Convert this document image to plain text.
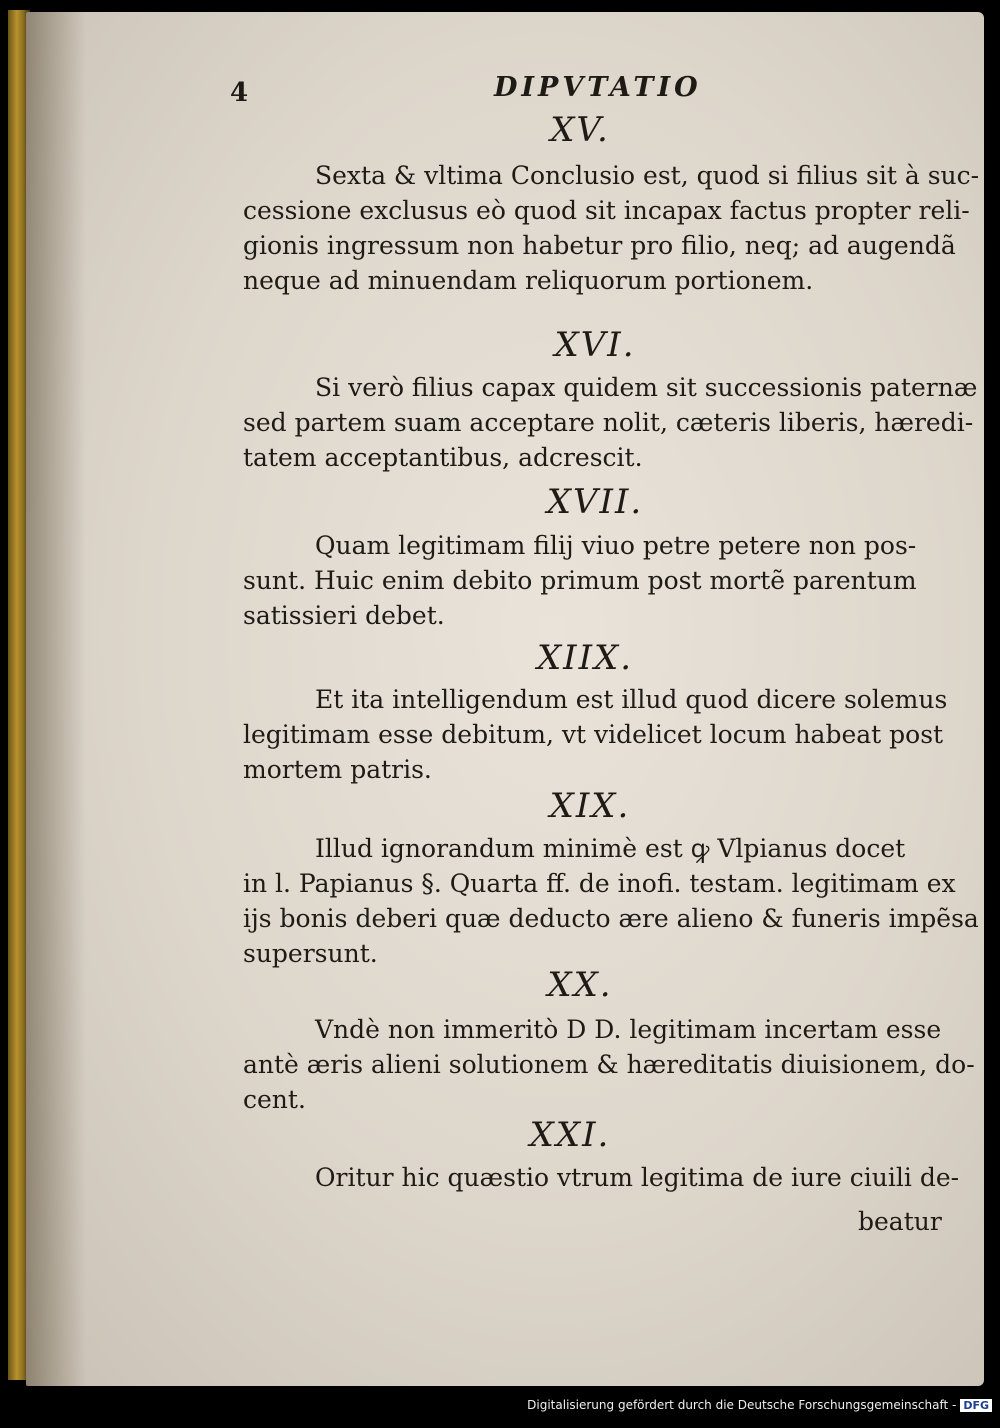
4	DIPVTATIO
XV.
Sexta & vltima Conclusio est, quod si filius sit à suc-
cessione exclusus eò quod sit incapax factus propter reli-
gionis ingressum non habetur pro filio, neq; ad augendã
neque ad minuendam reliquorum portionem.
XVI.
Si verò filius capax quidem sit successionis paternæ
sed partem suam acceptare nolit, cæteris liberis, hæredi-
tatem acceptantibus, adcrescit.
XVII.
Quam legitimam filij viuo petre petere non pos-
sunt. Huic enim debito primum post mortẽ parentum
satissieri debet.
XIIX.
Et ita intelligendum est illud quod dicere solemus
legitimam esse debitum, vt videlicet locum habeat post
mortem patris.
XIX.
Illud ignorandum minimè est ꝙ Vlpianus docet
in l. Papianus §. Quarta ff. de inofi. testam. legitimam ex
ijs bonis deberi quæ deducto ære alieno & funeris impẽsa
supersunt.
XX.
Vndè non immeritò D D. legitimam incertam esse
antè æris alieni solutionem & hæreditatis diuisionem, do-
cent.
XXI.
Oritur hic quæstio vtrum legitima de iure ciuili de-
beatur
Digitalisierung gefördert durch die Deutsche Forschungsgemeinschaft - DFG
